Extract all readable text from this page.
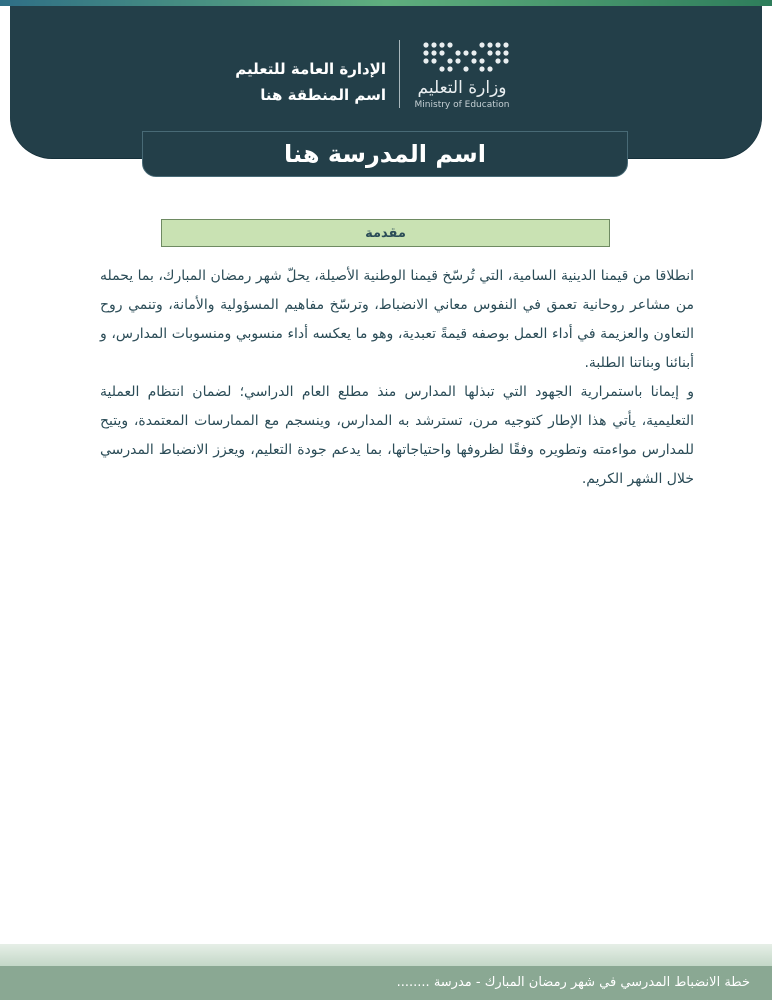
وزارة التعليم
Ministry of Education
الإدارة العامة للتعليم
اسم المنطقة هنا
اسم المدرسة هنا
مقدمة

انطلاقا من قيمنا الدينية السامية، التي تُرسّخ قيمنا الوطنية الأصيلة، يحلّ شهر رمضان المبارك، بما يحمله من مشاعر روحانية تعمق في النفوس معاني الانضباط، وترسّخ مفاهيم المسؤولية والأمانة، وتنمي روح التعاون والعزيمة في أداء العمل بوصفه قيمةً تعبدية، وهو ما يعكسه أداء منسوبي ومنسوبات المدارس، و أبنائنا وبناتنا الطلبة.

و إيمانا باستمرارية الجهود التي تبذلها المدارس منذ مطلع العام الدراسي؛ لضمان انتظام العملية التعليمية، يأتي هذا الإطار كتوجيه مرن، تسترشد به المدارس، وينسجم مع الممارسات المعتمدة، ويتيح للمدارس مواءمته وتطويره وفقًا لظروفها واحتياجاتها، بما يدعم جودة التعليم، ويعزز الانضباط المدرسي خلال الشهر الكريم.

خطة الانضباط المدرسي في شهر رمضان المبارك - مدرسة ........
